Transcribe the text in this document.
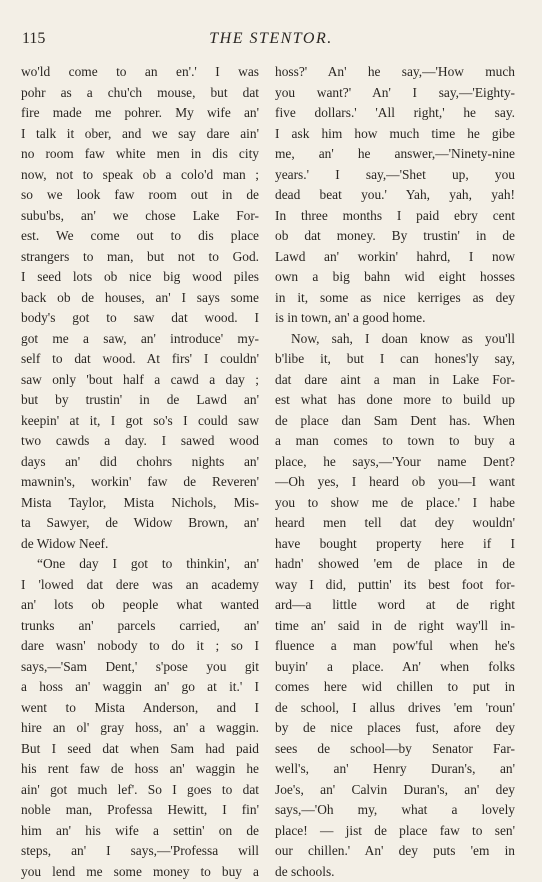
115	THE STENTOR.
wo'ld come to an en'.' I was
pohr as a chu'ch mouse, but dat
fire made me pohrer. My wife an'
I talk it ober, and we say dare ain'
no room faw white men in dis city
now, not to speak ob a colo'd man ;
so we look faw room out in de
subu'bs, an' we chose Lake For-
est. We come out to dis place
strangers to man, but not to God.
I seed lots ob nice big wood piles
back ob de houses, an' I says some
body's got to saw dat wood. I
got me a saw, an' introduce' my-
self to dat wood. At firs' I couldn'
saw only 'bout half a cawd a day ;
but by trustin' in de Lawd an'
keepin' at it, I got so's I could saw
two cawds a day. I sawed wood
days an' did chohrs nights an'
mawnin's, workin' faw de Reveren'
Mista Taylor, Mista Nichols, Mis-
ta Sawyer, de Widow Brown, an'
de Widow Neef.
“One day I got to thinkin', an'
I 'lowed dat dere was an academy
an' lots ob people what wanted
trunks an' parcels carried, an'
dare wasn' nobody to do it ; so I
says,—'Sam Dent,' s'pose you git
a hoss an' waggin an' go at it.' I
went to Mista Anderson, and I
hire an ol' gray hoss, an' a waggin.
But I seed dat when Sam had paid
his rent faw de hoss an' waggin he
ain' got much lef'. So I goes to dat
noble man, Professa Hewitt, I fin'
him an' his wife a settin' on de
steps, an' I says,—'Professa will
you lend me some money to buy a
hoss?' An' he say,—'How much
you want?' An' I say,—'Eighty-
five dollars.' 'All right,' he say.
I ask him how much time he gibe
me, an' he answer,—'Ninety-nine
years.' I say,—'Shet up, you
dead beat you.' Yah, yah, yah!
In three months I paid ebry cent
ob dat money. By trustin' in de
Lawd an' workin' hahrd, I now
own a big bahn wid eight hosses
in it, some as nice kerriges as dey
is in town, an' a good home.
Now, sah, I doan know as you'll
b'libe it, but I can hones'ly say,
dat dare aint a man in Lake For-
est what has done more to build up
de place dan Sam Dent has. When
a man comes to town to buy a
place, he says,—'Your name Dent?
—Oh yes, I heard ob you—I want
you to show me de place.' I habe
heard men tell dat dey wouldn'
have bought property here if I
hadn' showed 'em de place in de
way I did, puttin' its best foot for-
ard—a little word at de right
time an' said in de right way'll in-
fluence a man pow'ful when he's
buyin' a place. An' when folks
comes here wid chillen to put in
de school, I allus drives 'em 'roun'
by de nice places fust, afore dey
sees de school—by Senator Far-
well's, an' Henry Duran's, an'
Joe's, an' Calvin Duran's, an' dey
says,—'Oh my, what a lovely
place! — jist de place faw to sen'
our chillen.' An' dey puts 'em in
de schools.
